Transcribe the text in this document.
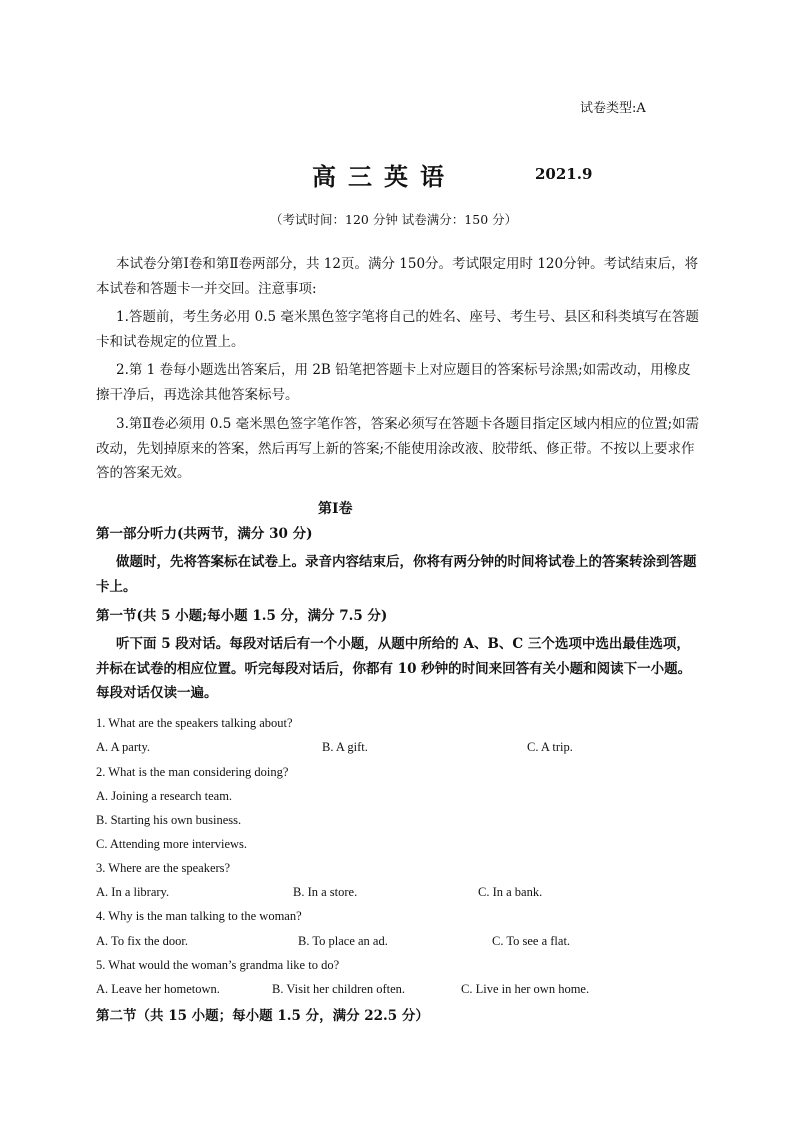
试卷类型:A
高三英语	2021.9
（考试时间：120 分钟 试卷满分：150 分）
本试卷分第Ⅰ卷和第Ⅱ卷两部分，共 12页。满分 150分。考试限定用时 120分钟。考试结束后，将本试卷和答题卡一并交回。注意事项:
1.答题前，考生务必用 0.5 毫米黑色签字笔将自己的姓名、座号、考生号、县区和科类填写在答题卡和试卷规定的位置上。
2.第 1 卷每小题选出答案后，用 2B 铅笔把答题卡上对应题目的答案标号涂黑;如需改动，用橡皮擦干净后，再选涂其他答案标号。
3.第Ⅱ卷必须用 0.5 毫米黑色签字笔作答，答案必须写在答题卡各题目指定区域内相应的位置;如需改动，先划掉原来的答案，然后再写上新的答案;不能使用涂改液、胶带纸、修正带。不按以上要求作答的答案无效。
第Ⅰ卷
第一部分听力(共两节，满分 30 分)
做题时，先将答案标在试卷上。录音内容结束后，你将有两分钟的时间将试卷上的答案转涂到答题卡上。
第一节(共 5 小题;每小题 1.5 分，满分 7.5 分)
听下面 5 段对话。每段对话后有一个小题，从题中所给的 A、B、C 三个选项中选出最佳选项，并标在试卷的相应位置。听完每段对话后，你都有 10 秒钟的时间来回答有关小题和阅读下一小题。每段对话仅读一遍。
1. What are the speakers talking about?
A. A party.	B. A gift.	C. A trip.
2. What is the man considering doing?
A. Joining a research team.
B. Starting his own business.
C. Attending more interviews.
3. Where are the speakers?
A. In a library.	B. In a store.	C. In a bank.
4. Why is the man talking to the woman?
A. To fix the door.	B. To place an ad.	C. To see a flat.
5. What would the woman’s grandma like to do?
A. Leave her hometown.	B. Visit her children often.	C. Live in her own home.
第二节（共 15 小题；每小题 1.5 分，满分 22.5 分）
